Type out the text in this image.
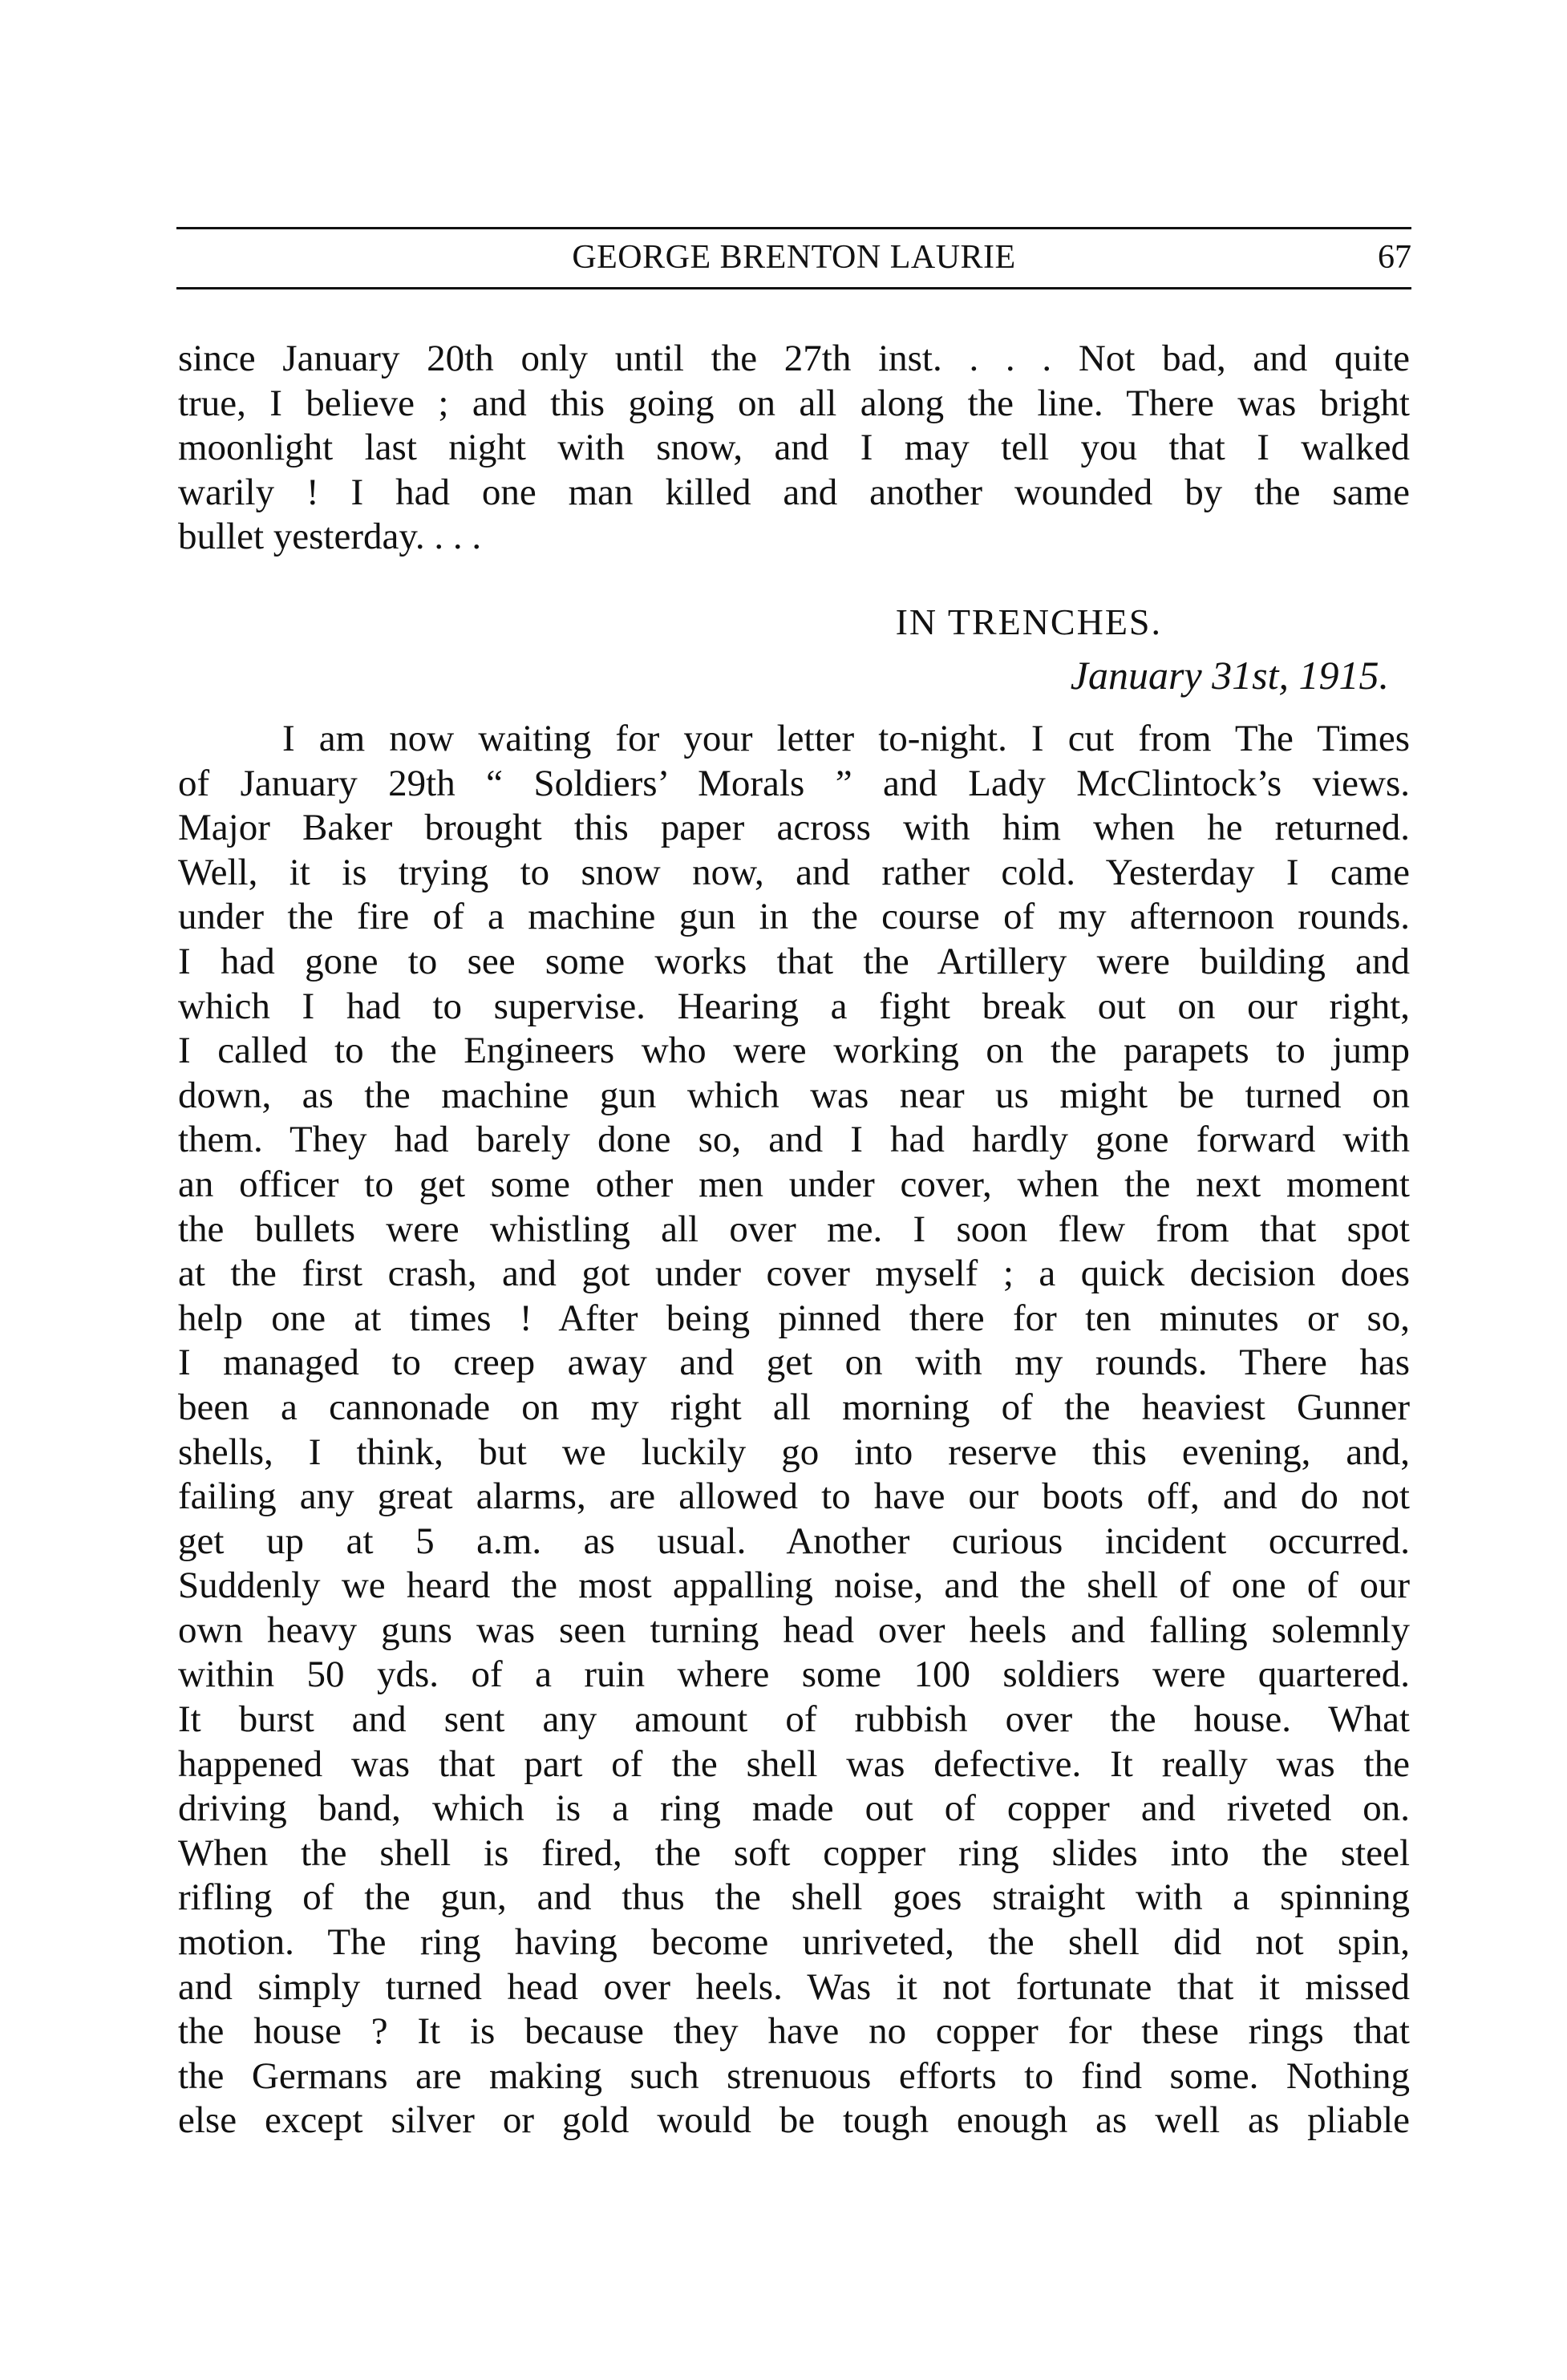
GEORGE BRENTON LAURIE	67
since January 20th only until the 27th inst. . . . Not bad, and quite
true, I believe ; and this going on all along the line. There was bright
moonlight last night with snow, and I may tell you that I walked
warily ! I had one man killed and another wounded by the same
bullet yesterday. . . .
IN TRENCHES.
January 31st, 1915.
I am now waiting for your letter to-night. I cut from The Times
of January 29th “ Soldiers’ Morals ” and Lady McClintock’s views.
Major Baker brought this paper across with him when he returned.
Well, it is trying to snow now, and rather cold. Yesterday I came
under the fire of a machine gun in the course of my afternoon rounds.
I had gone to see some works that the Artillery were building and
which I had to supervise. Hearing a fight break out on our right,
I called to the Engineers who were working on the parapets to jump
down, as the machine gun which was near us might be turned on
them. They had barely done so, and I had hardly gone forward with
an officer to get some other men under cover, when the next moment
the bullets were whistling all over me. I soon flew from that spot
at the first crash, and got under cover myself ; a quick decision does
help one at times ! After being pinned there for ten minutes or so,
I managed to creep away and get on with my rounds. There has
been a cannonade on my right all morning of the heaviest Gunner
shells, I think, but we luckily go into reserve this evening, and,
failing any great alarms, are allowed to have our boots off, and do not
get up at 5 a.m. as usual. Another curious incident occurred.
Suddenly we heard the most appalling noise, and the shell of one of our
own heavy guns was seen turning head over heels and falling solemnly
within 50 yds. of a ruin where some 100 soldiers were quartered.
It burst and sent any amount of rubbish over the house. What
happened was that part of the shell was defective. It really was the
driving band, which is a ring made out of copper and riveted on.
When the shell is fired, the soft copper ring slides into the steel
rifling of the gun, and thus the shell goes straight with a spinning
motion. The ring having become unriveted, the shell did not spin,
and simply turned head over heels. Was it not fortunate that it missed
the house ? It is because they have no copper for these rings that
the Germans are making such strenuous efforts to find some. Nothing
else except silver or gold would be tough enough as well as pliable
